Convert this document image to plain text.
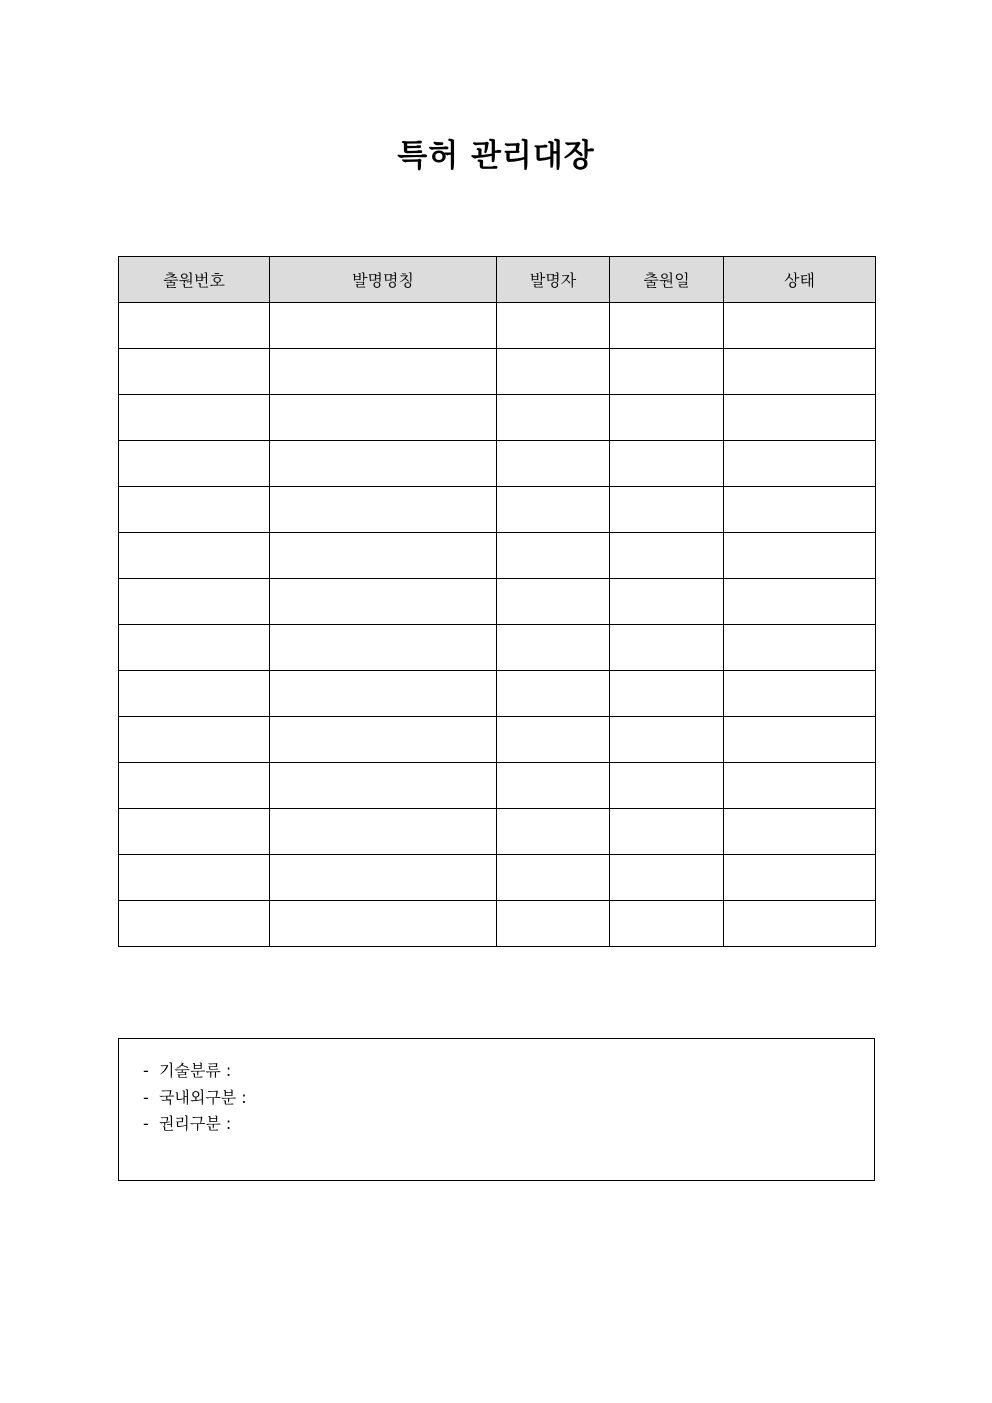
특허 관리대장
출원번호	발명명칭	발명자	출원일	상태

-  기술분류 :
-  국내외구분 :
-  권리구분 :
